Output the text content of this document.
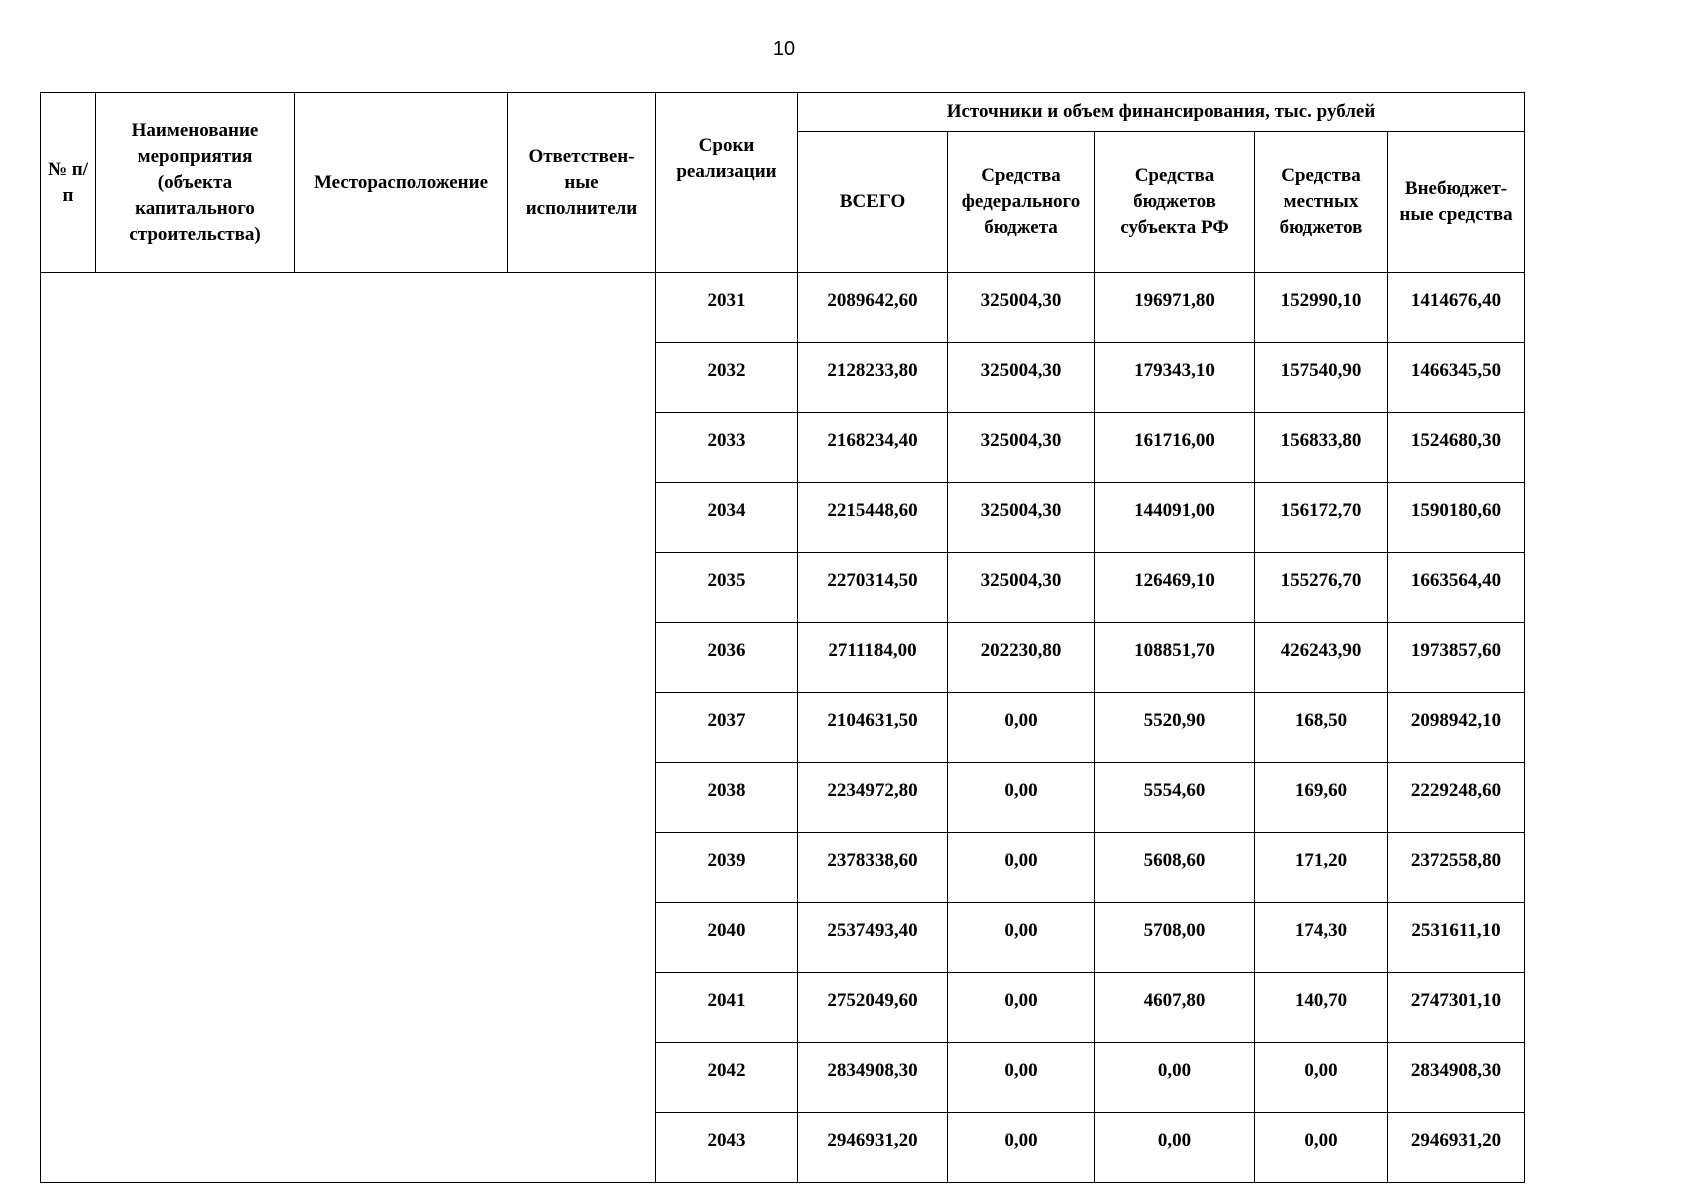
10
№ п/п	Наименование мероприятия (объекта капитального строительства)	Месторасположение	Ответствен-ные исполнители	Сроки реализации	Источники и объем финансирования, тыс. рублей				
					ВСЕГО	Средства федерального бюджета	Средства бюджетов субъекта РФ	Средства местных бюджетов	Внебюджет-ные средства
				2031	2089642,60	325004,30	196971,80	152990,10	1414676,40
				2032	2128233,80	325004,30	179343,10	157540,90	1466345,50
				2033	2168234,40	325004,30	161716,00	156833,80	1524680,30
				2034	2215448,60	325004,30	144091,00	156172,70	1590180,60
				2035	2270314,50	325004,30	126469,10	155276,70	1663564,40
				2036	2711184,00	202230,80	108851,70	426243,90	1973857,60
				2037	2104631,50	0,00	5520,90	168,50	2098942,10
				2038	2234972,80	0,00	5554,60	169,60	2229248,60
				2039	2378338,60	0,00	5608,60	171,20	2372558,80
				2040	2537493,40	0,00	5708,00	174,30	2531611,10
				2041	2752049,60	0,00	4607,80	140,70	2747301,10
				2042	2834908,30	0,00	0,00	0,00	2834908,30
				2043	2946931,20	0,00	0,00	0,00	2946931,20
